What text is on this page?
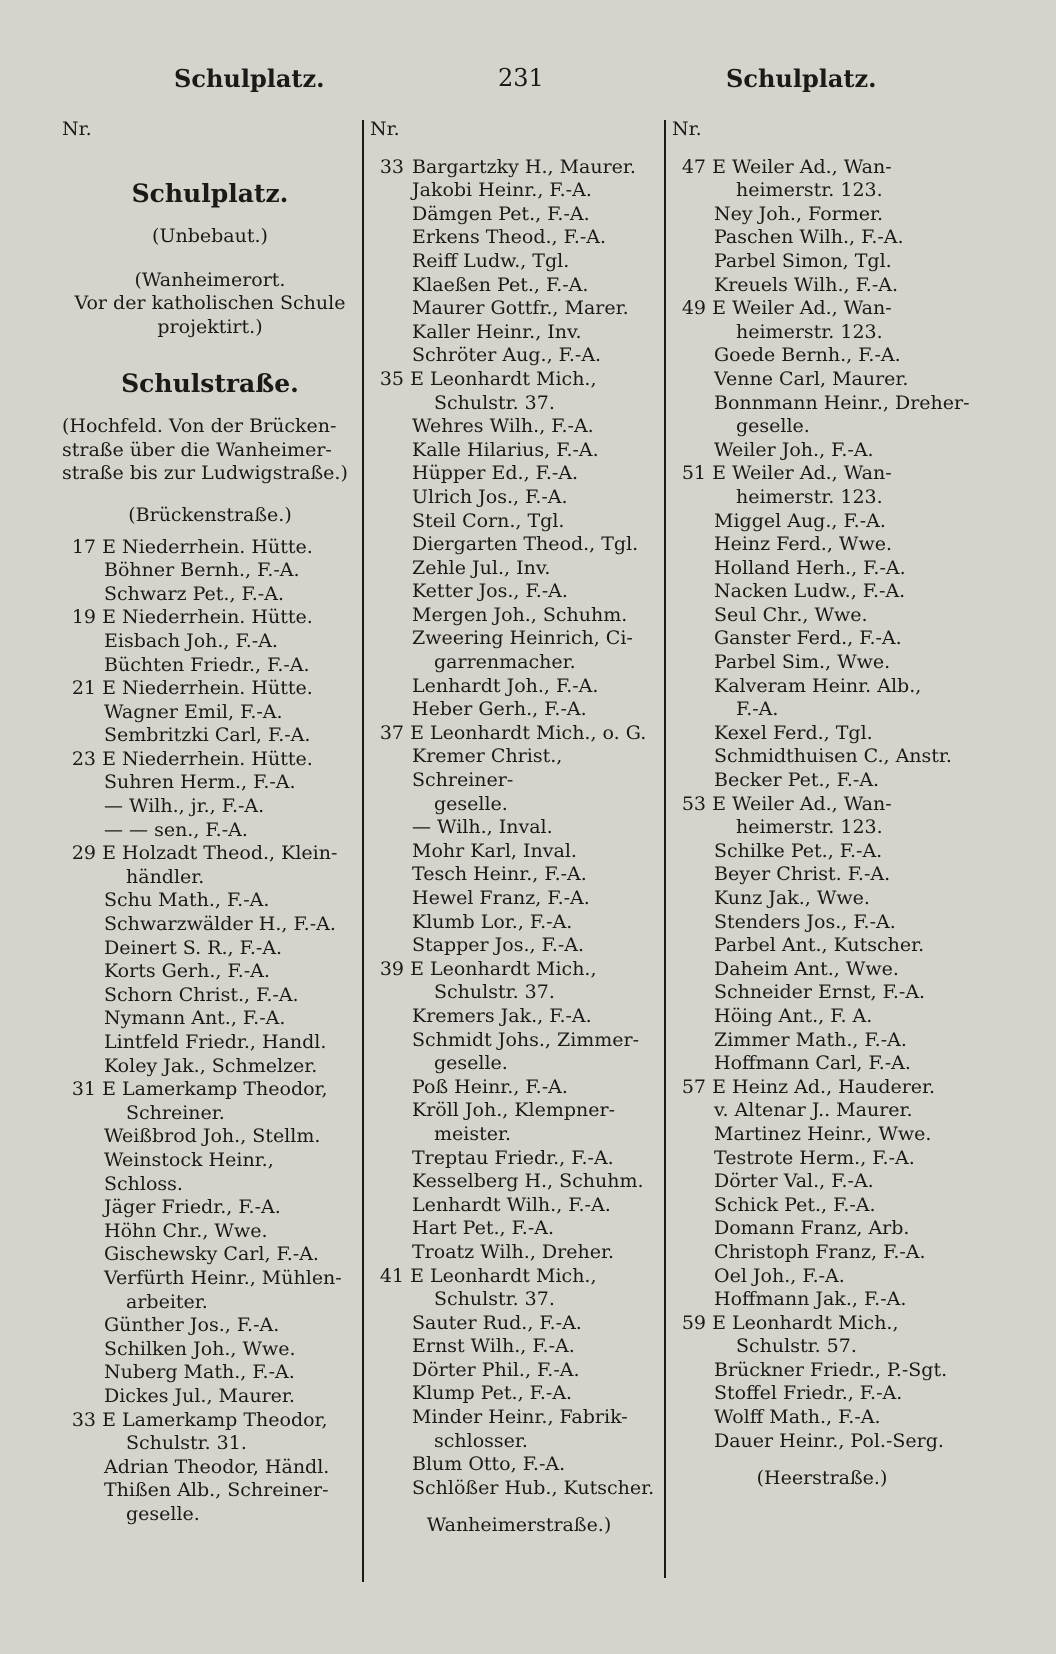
Schulplatz.	231	Schulplatz.
Nr.
Schulplatz.
(Unbebaut.)
(Wanheimerort.
Vor der katholischen Schule
projektirt.)
Schulstraße.
(Hochfeld. Von der Brücken-
straße über die Wanheimer-
straße bis zur Ludwigstraße.)
(Brückenstraße.)
17 E Niederrhein. Hütte.
Böhner Bernh., F.-A.
Schwarz Pet., F.-A.
19 E Niederrhein. Hütte.
Eisbach Joh., F.-A.
Büchten Friedr., F.-A.
21 E Niederrhein. Hütte.
Wagner Emil, F.-A.
Sembritzki Carl, F.-A.
23 E Niederrhein. Hütte.
Suhren Herm., F.-A.
— Wilh., jr., F.-A.
— — sen., F.-A.
29 E Holzadt Theod., Klein-
händler.
Schu Math., F.-A.
Schwarzwälder H., F.-A.
Deinert S. R., F.-A.
Korts Gerh., F.-A.
Schorn Christ., F.-A.
Nymann Ant., F.-A.
Lintfeld Friedr., Handl.
Koley Jak., Schmelzer.
31 E Lamerkamp Theodor,
Schreiner.
Weißbrod Joh., Stellm.
Weinstock Heinr., Schloss.
Jäger Friedr., F.-A.
Höhn Chr., Wwe.
Gischewsky Carl, F.-A.
Verfürth Heinr., Mühlen-
arbeiter.
Günther Jos., F.-A.
Schilken Joh., Wwe.
Nuberg Math., F.-A.
Dickes Jul., Maurer.
33 E Lamerkamp Theodor,
Schulstr. 31.
Adrian Theodor, Händl.
Thißen Alb., Schreiner-
geselle.
Nr.
33 Bargartzky H., Maurer.
Jakobi Heinr., F.-A.
Dämgen Pet., F.-A.
Erkens Theod., F.-A.
Reiff Ludw., Tgl.
Klaeßen Pet., F.-A.
Maurer Gottfr., Marer.
Kaller Heinr., Inv.
Schröter Aug., F.-A.
35 E Leonhardt Mich.,
Schulstr. 37.
Wehres Wilh., F.-A.
Kalle Hilarius, F.-A.
Hüpper Ed., F.-A.
Ulrich Jos., F.-A.
Steil Corn., Tgl.
Diergarten Theod., Tgl.
Zehle Jul., Inv.
Ketter Jos., F.-A.
Mergen Joh., Schuhm.
Zweering Heinrich, Ci-
garrenmacher.
Lenhardt Joh., F.-A.
Heber Gerh., F.-A.
37 E Leonhardt Mich., o. G.
Kremer Christ., Schreiner-
geselle.
— Wilh., Inval.
Mohr Karl, Inval.
Tesch Heinr., F.-A.
Hewel Franz, F.-A.
Klumb Lor., F.-A.
Stapper Jos., F.-A.
39 E Leonhardt Mich.,
Schulstr. 37.
Kremers Jak., F.-A.
Schmidt Johs., Zimmer-
geselle.
Poß Heinr., F.-A.
Kröll Joh., Klempner-
meister.
Treptau Friedr., F.-A.
Kesselberg H., Schuhm.
Lenhardt Wilh., F.-A.
Hart Pet., F.-A.
Troatz Wilh., Dreher.
41 E Leonhardt Mich.,
Schulstr. 37.
Sauter Rud., F.-A.
Ernst Wilh., F.-A.
Dörter Phil., F.-A.
Klump Pet., F.-A.
Minder Heinr., Fabrik-
schlosser.
Blum Otto, F.-A.
Schlößer Hub., Kutscher.
Wanheimerstraße.)
Nr.
47 E Weiler Ad., Wan-
heimerstr. 123.
Ney Joh., Former.
Paschen Wilh., F.-A.
Parbel Simon, Tgl.
Kreuels Wilh., F.-A.
49 E Weiler Ad., Wan-
heimerstr. 123.
Goede Bernh., F.-A.
Venne Carl, Maurer.
Bonnmann Heinr., Dreher-
geselle.
Weiler Joh., F.-A.
51 E Weiler Ad., Wan-
heimerstr. 123.
Miggel Aug., F.-A.
Heinz Ferd., Wwe.
Holland Herh., F.-A.
Nacken Ludw., F.-A.
Seul Chr., Wwe.
Ganster Ferd., F.-A.
Parbel Sim., Wwe.
Kalveram Heinr. Alb.,
F.-A.
Kexel Ferd., Tgl.
Schmidthuisen C., Anstr.
Becker Pet., F.-A.
53 E Weiler Ad., Wan-
heimerstr. 123.
Schilke Pet., F.-A.
Beyer Christ. F.-A.
Kunz Jak., Wwe.
Stenders Jos., F.-A.
Parbel Ant., Kutscher.
Daheim Ant., Wwe.
Schneider Ernst, F.-A.
Höing Ant., F. A.
Zimmer Math., F.-A.
Hoffmann Carl, F.-A.
57 E Heinz Ad., Hauderer.
v. Altenar J.. Maurer.
Martinez Heinr., Wwe.
Testrote Herm., F.-A.
Dörter Val., F.-A.
Schick Pet., F.-A.
Domann Franz, Arb.
Christoph Franz, F.-A.
Oel Joh., F.-A.
Hoffmann Jak., F.-A.
59 E Leonhardt Mich.,
Schulstr. 57.
Brückner Friedr., P.-Sgt.
Stoffel Friedr., F.-A.
Wolff Math., F.-A.
Dauer Heinr., Pol.-Serg.
(Heerstraße.)
